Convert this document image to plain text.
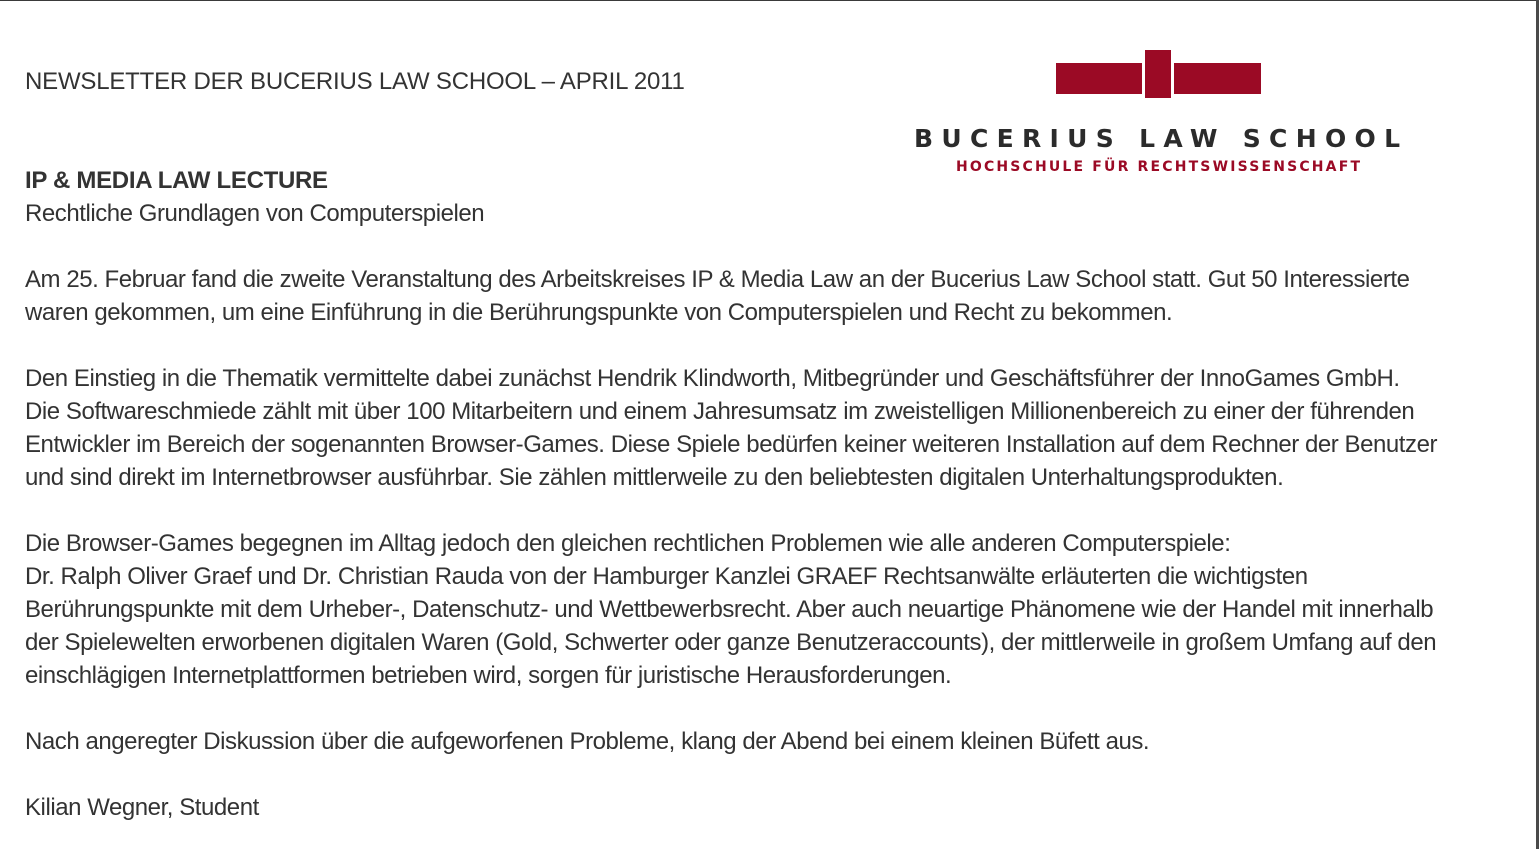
NEWSLETTER DER BUCERIUS LAW SCHOOL – APRIL 2011
BUCERIUS LAW SCHOOL
HOCHSCHULE FÜR RECHTSWISSENSCHAFT

IP & MEDIA LAW LECTURE

Rechtliche Grundlagen von Computerspielen

Am 25. Februar fand die zweite Veranstaltung des Arbeitskreises IP & Media Law an der Bucerius Law School statt. Gut 50 Interessierte
waren gekommen, um eine Einführung in die Berührungspunkte von Computerspielen und Recht zu bekommen.

Den Einstieg in die Thematik vermittelte dabei zunächst Hendrik Klindworth, Mitbegründer und Geschäftsführer der InnoGames GmbH.
Die Softwareschmiede zählt mit über 100 Mitarbeitern und einem Jahresumsatz im zweistelligen Millionenbereich zu einer der führenden
Entwickler im Bereich der sogenannten Browser-Games. Diese Spiele bedürfen keiner weiteren Installation auf dem Rechner der Benutzer
und sind direkt im Internetbrowser ausführbar. Sie zählen mittlerweile zu den beliebtesten digitalen Unterhaltungsprodukten.

Die Browser-Games begegnen im Alltag jedoch den gleichen rechtlichen Problemen wie alle anderen Computerspiele:
Dr. Ralph Oliver Graef und Dr. Christian Rauda von der Hamburger Kanzlei GRAEF Rechtsanwälte erläuterten die wichtigsten
Berührungspunkte mit dem Urheber-, Datenschutz- und Wettbewerbsrecht. Aber auch neuartige Phänomene wie der Handel mit innerhalb
der Spielewelten erworbenen digitalen Waren (Gold, Schwerter oder ganze Benutzeraccounts), der mittlerweile in großem Umfang auf den
einschlägigen Internetplattformen betrieben wird, sorgen für juristische Herausforderungen.

Nach angeregter Diskussion über die aufgeworfenen Probleme, klang der Abend bei einem kleinen Büfett aus.

Kilian Wegner, Student
